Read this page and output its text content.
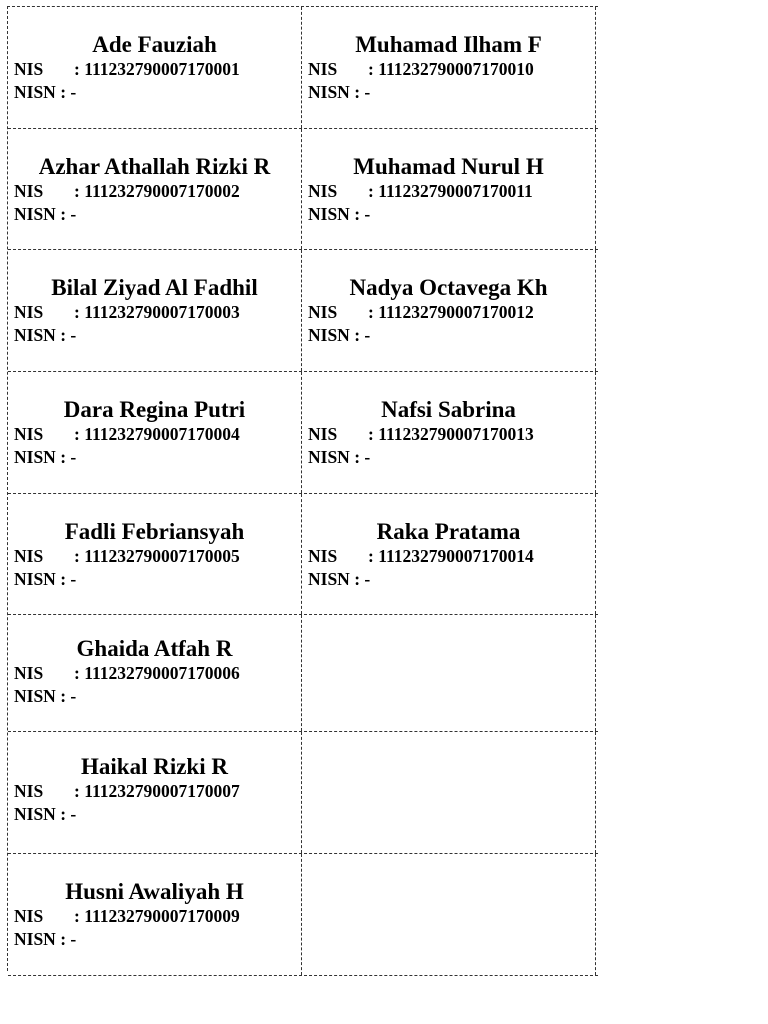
Ade Fauziah
NIS : 111232790007170001
NISN : -
Muhamad Ilham F
NIS : 111232790007170010
NISN : -
Azhar Athallah Rizki R
NIS : 111232790007170002
NISN : -
Muhamad Nurul H
NIS : 111232790007170011
NISN : -
Bilal Ziyad Al Fadhil
NIS : 111232790007170003
NISN : -
Nadya Octavega Kh
NIS : 111232790007170012
NISN : -
Dara Regina Putri
NIS : 111232790007170004
NISN : -
Nafsi Sabrina
NIS : 111232790007170013
NISN : -
Fadli Febriansyah
NIS : 111232790007170005
NISN : -
Raka Pratama
NIS : 111232790007170014
NISN : -
Ghaida Atfah R
NIS : 111232790007170006
NISN : -
Haikal Rizki R
NIS : 111232790007170007
NISN : -
Husni Awaliyah H
NIS : 111232790007170009
NISN : -
